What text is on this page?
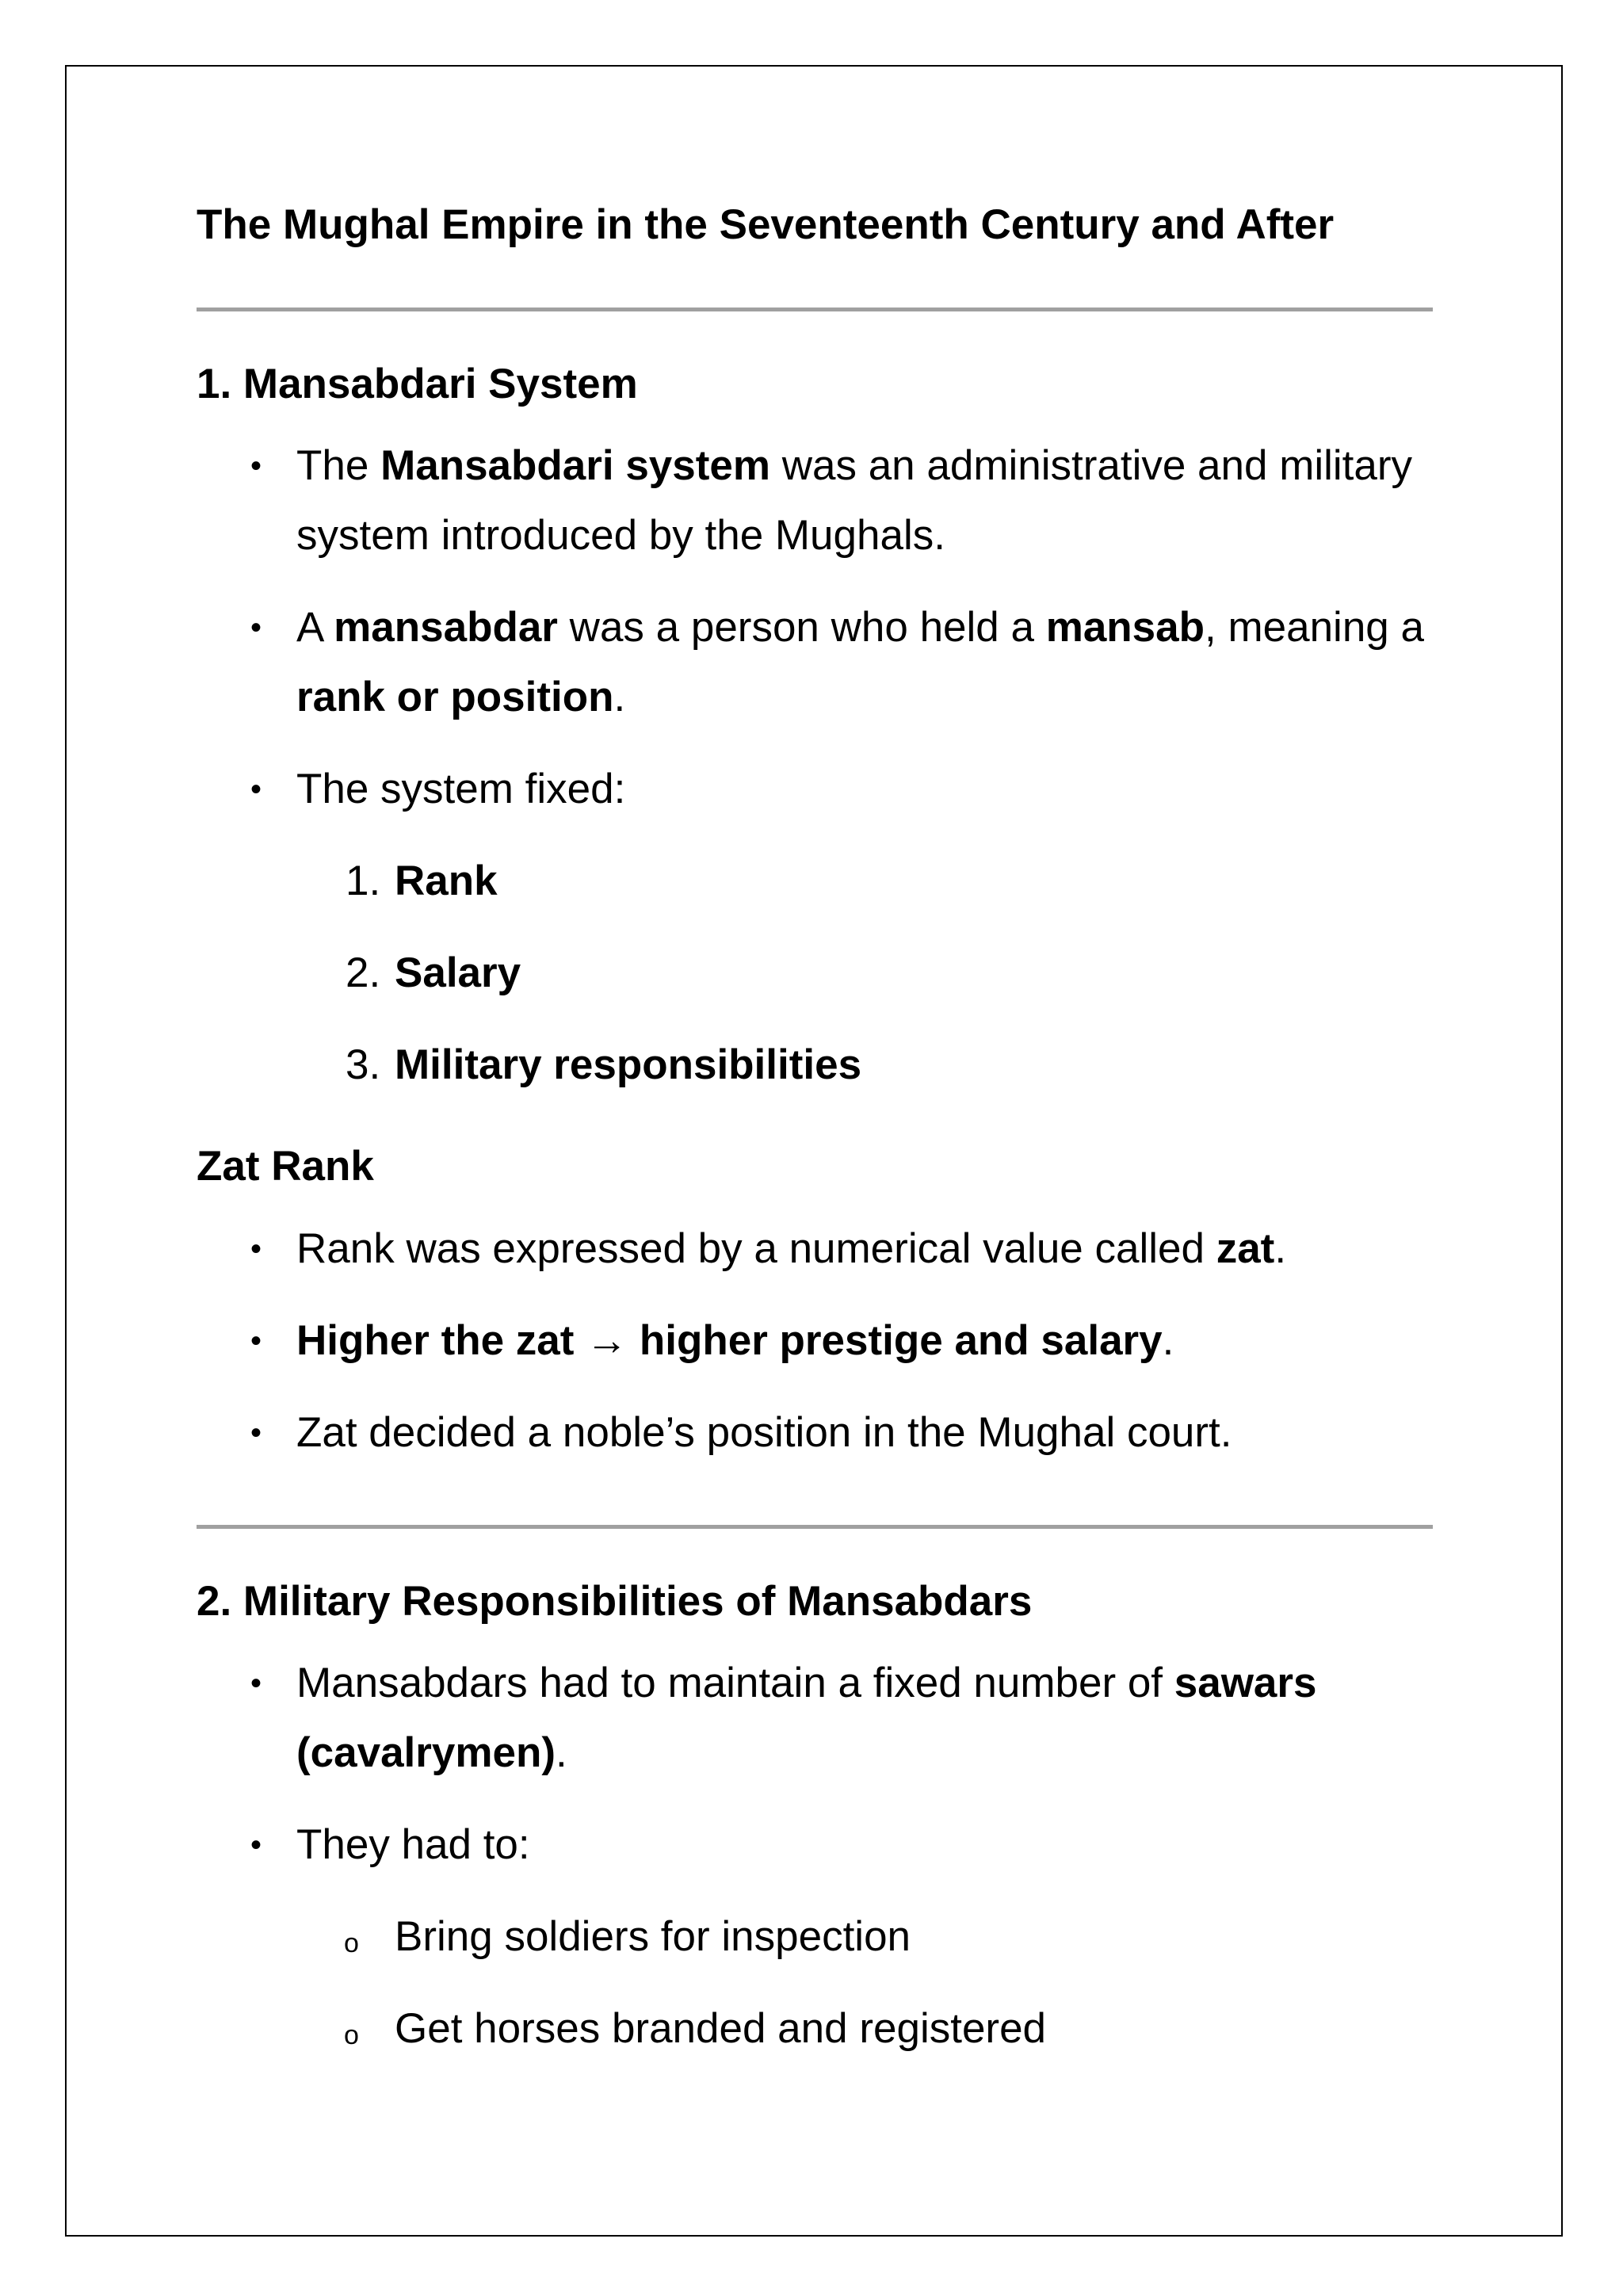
The Mughal Empire in the Seventeenth Century and After
1. Mansabdari System
• The Mansabdari system was an administrative and military system introduced by the Mughals.
• A mansabdar was a person who held a mansab, meaning a rank or position.
• The system fixed:
1. Rank
2. Salary
3. Military responsibilities
Zat Rank
• Rank was expressed by a numerical value called zat.
• Higher the zat → higher prestige and salary.
• Zat decided a noble’s position in the Mughal court.
2. Military Responsibilities of Mansabdars
• Mansabdars had to maintain a fixed number of sawars (cavalrymen).
• They had to:
o Bring soldiers for inspection
o Get horses branded and registered
